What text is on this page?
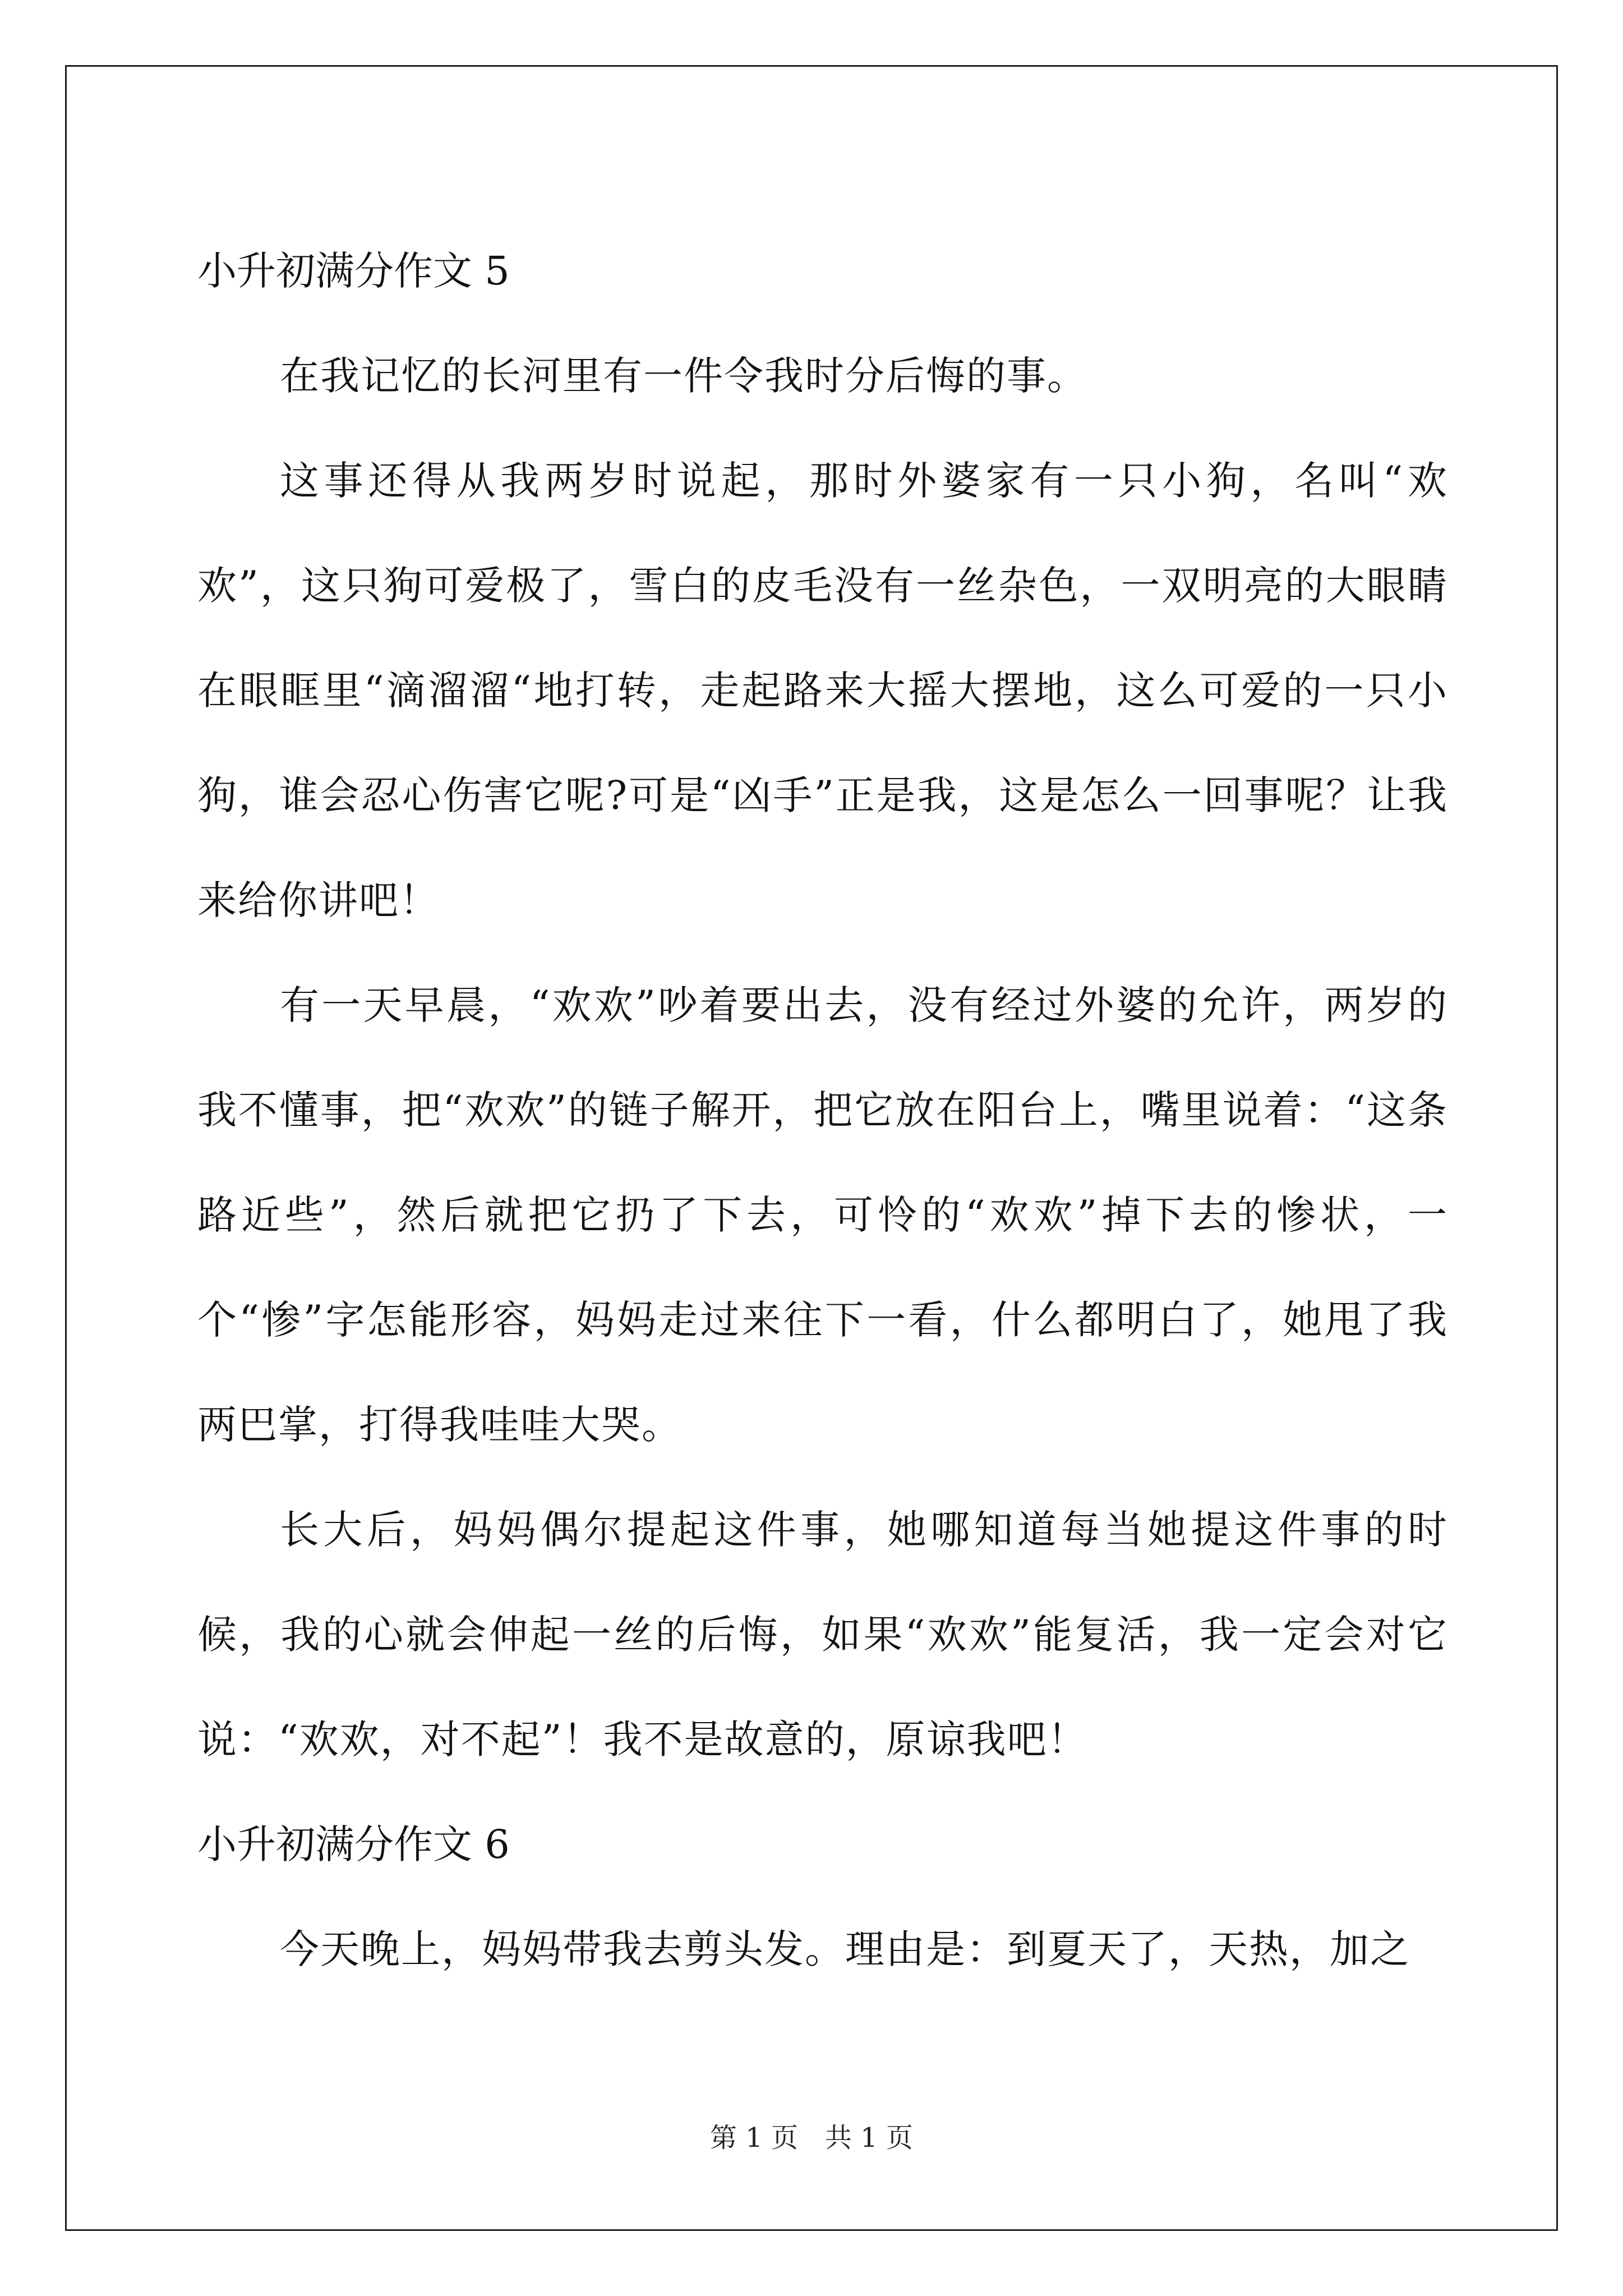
小升初满分作文 5

在我记忆的长河里有一件令我时分后悔的事。

这事还得从我两岁时说起，那时外婆家有一只小狗，名叫“欢欢”，这只狗可爱极了，雪白的皮毛没有一丝杂色，一双明亮的大眼睛在眼眶里“滴溜溜“地打转，走起路来大摇大摆地，这么可爱的一只小狗，谁会忍心伤害它呢?可是“凶手”正是我，这是怎么一回事呢？让我来给你讲吧！

有一天早晨，“欢欢”吵着要出去，没有经过外婆的允许，两岁的我不懂事，把“欢欢”的链子解开，把它放在阳台上，嘴里说着：“这条路近些”，然后就把它扔了下去，可怜的“欢欢”掉下去的惨状，一个“惨”字怎能形容，妈妈走过来往下一看，什么都明白了，她甩了我两巴掌，打得我哇哇大哭。

长大后，妈妈偶尔提起这件事，她哪知道每当她提这件事的时候，我的心就会伸起一丝的后悔，如果“欢欢”能复活，我一定会对它说：“欢欢，对不起”！我不是故意的，原谅我吧！

小升初满分作文 6

今天晚上，妈妈带我去剪头发。理由是：到夏天了，天热，加之

第 1 页　共 1 页
